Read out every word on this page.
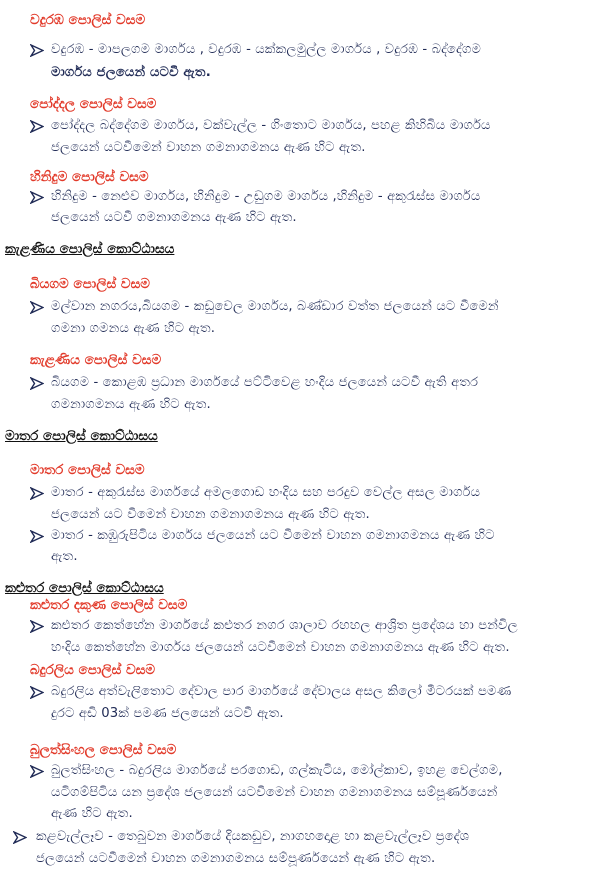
වදුරඹ පොලිස් වසම
වදුරඹ - මාපලගම මාර්ගය , වදුරඹ - යක්කලමුල්ල මාර්ගය , වදුරඹ - බද්දේගම
මාර්ගය ජලයෙන් යටවී ඇත.
පෝද්දල පොලිස් වසම
පෝද්දල බද්දේගම මාර්ගය, වක්වැල්ල - ගිංතොට මාර්ගය, පහළ කිහිබිය මාර්ගය
ජලයෙන් යටවීමෙන් වාහන ගමනාගමනය ඇණ හිට ඇත.
හිනිදුම පොලිස් වසම
හිනිදුම - නෙළුව මාර්ගය, හිනිදුම - උඩුගම මාර්ගය ,හිනිදුම - අකුරැස්ස මාර්ගය
ජලයෙන් යටවී ගමනාගමනය ඇණ හිට ඇත.
කැළණිය පොලිස් කොට්ඨාසය
බියගම පොලිස් වසම
මල්වාන නගරය,බියගම - කඩුවෙල මාර්ගය, බණ්ඩාර වත්ත ජලයෙන් යට වීමෙන්
ගමනා ගමනය ඇණ හිට ඇත.
කැළණිය පොලිස් වසම
බියගම - කොළඹ ප්‍රධාන මාර්ගයේ පට්ටිවෙළ හංදිය ජලයෙන් යටවී ඇති අතර
ගමනාගමනය ඇණ හිට ඇත.
මාතර පොලිස් කොට්ඨාසය
මාතර පොලිස් වසම
මාතර - අකුරැස්ස මාර්ගයේ අමලගොඩ හංදිය සහ පරදුව වෙල්ල අසල මාර්ගය
ජලයෙන් යට වීමෙන් වාහන ගමනාගමනය ඇණ හිට ඇත.
මාතර - කඹුරුපිටිය මාර්ගය ජලයෙන් යට වීමෙන් වාහන ගමනාගමනය ඇණ හිට
ඇත.
කළුතර පොලිස් කොට්ඨාසය
කළුතර දකුණ පොලිස් වසම
කළුතර කෙත්හේන මාර්ගයේ කළුතර නගර ශාලාව රහහල ආශ්‍රිත ප්‍රදේශය හා පන්විල
හංදිය කෙත්හේන මාර්ගය ජලයෙන් යටවීමෙන් වාහන ගමනාගමනය ඇණ හිට ඇත.
බදුරලිය පොලිස් වසම
බදුරලිය අත්වැලිතොට දේවාල පාර මාර්ගයේ දේවාලය අසල කිලෝ මීටරයක් පමණ
දුරට අඩි 03ක් පමණ ජලයෙන් යටවී ඇත.
බුලත්සිංහල පොලිස් වසම
බුලත්සිංහල - බදුරලිය මාර්ගයේ පරගොඩ, ගල්කැටිය, මෝල්කාව, ඉහළ වෙල්ගම,
යටිගම්පිටිය යන ප්‍රදේශ ජලයෙන් යටවීමෙන් වාහන ගමනාගමනය සම්පූර්ණයෙන්
ඇණ හිට ඇත.
කළවැල්ලෑව - තෙබුවන මාර්ගයේ දියකඩුව, නාගහදොළ හා කළවැල්ලෑව ප්‍රදේශ
ජලයෙන් යටවීමෙන් වාහන ගමනාගමනය සම්පූර්ණයෙන් ඇණ හිට ඇත.
